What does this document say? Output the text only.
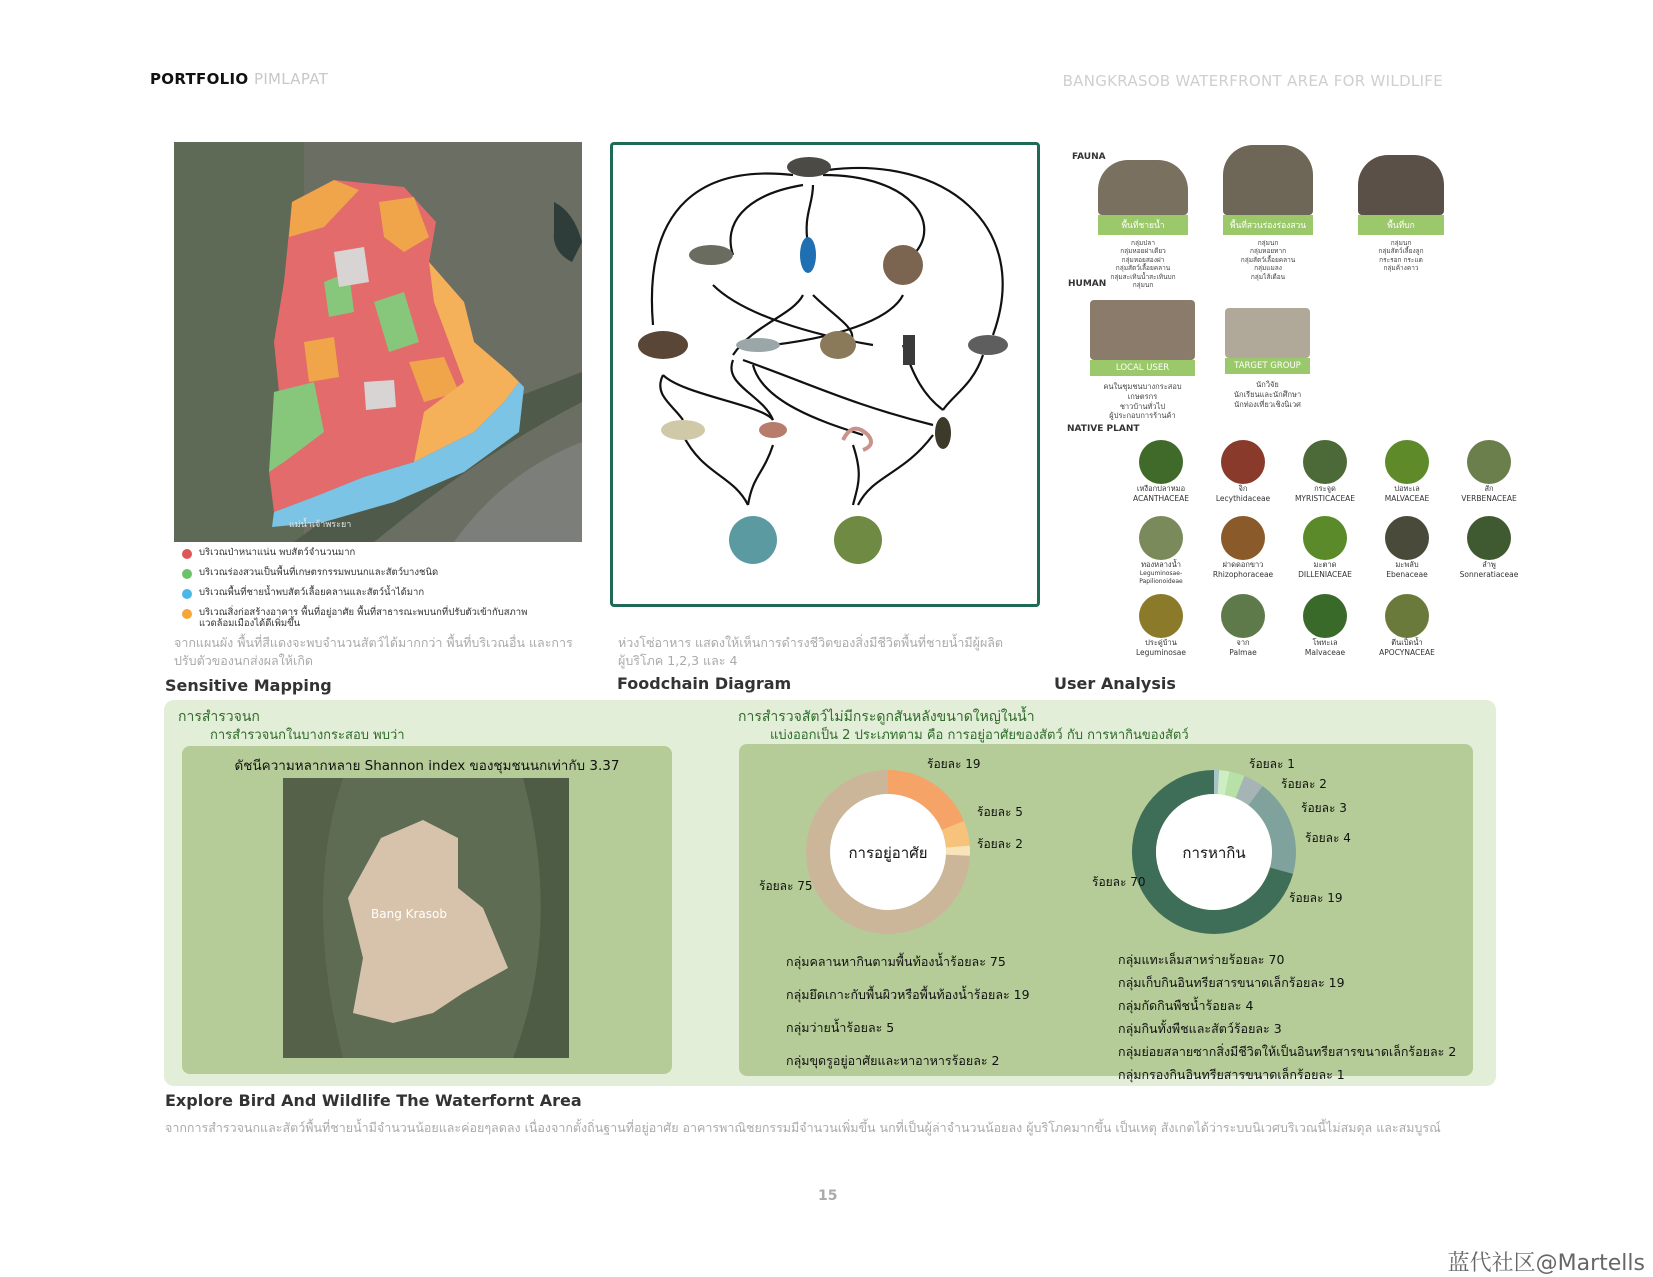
PORTFOLIO PIMLAPAT	BANGKRASOB WATERFRONT AREA FOR WILDLIFE
แม่น้ำเจ้าพระยา
บริเวณป่าหนาแน่น พบสัตว์จำนวนมาก
บริเวณร่องสวนเป็นพื้นที่เกษตรกรรมพบนกและสัตว์บางชนิด
บริเวณพื้นที่ชายน้ำพบสัตว์เลื้อยคลานและสัตว์น้ำได้มาก
บริเวณสิ่งก่อสร้างอาคาร พื้นที่อยู่อาศัย พื้นที่สาธารณะพบนกที่ปรับตัวเข้ากับสภาพแวดล้อมเมืองได้ดีเพิ่มขึ้น
จากแผนผัง พื้นที่สีแดงจะพบจำนวนสัตว์ได้มากกว่า พื้นที่บริเวณอื่น และการ
ปรับตัวของนกส่งผลให้เกิด
Sensitive Mapping
ห่วงโซ่อาหาร แสดงให้เห็นการดำรงชีวิตของสิ่งมีชีวิตพื้นที่ชายน้ำมีผู้ผลิต
ผู้บริโภค 1,2,3 และ 4
Foodchain Diagram
FAUNA
พื้นที่ชายน้ำ
กลุ่มปลา
กลุ่มหอยฝาเดียว
กลุ่มหอยสองฝา
กลุ่มสัตว์เลื้อยคลาน
กลุ่มสะเทินน้ำสะเทินบก
กลุ่มนก
พื้นที่สวนร่องร่องสวน
กลุ่มนก
กลุ่มหอยทาก
กลุ่มสัตว์เลื้อยคลาน
กลุ่มแมลง
กลุ่มไส้เดือน
พื้นที่บก
กลุ่มนก
กลุ่มสัตว์เลี้ยงลูก
กระรอก กระแต
กลุ่มค้างคาว
HUMAN
LOCAL USER
คนในชุมชนบางกระสอบ
เกษตรกร
ชาวบ้านทั่วไป
ผู้ประกอบการร้านค้า
TARGET GROUP
นักวิจัย
นักเรียนและนักศึกษา
นักท่องเที่ยวเชิงนิเวศ
NATIVE PLANT
เหงือกปลาหมอ
ACANTHACEAE
จิก
Lecythidaceae
กระจูด
MYRISTICACEAE
ปอทะเล
MALVACEAE
สัก
VERBENACEAE
ทองหลางน้ำ
Leguminosae-Papilionoideae
ฝาดดอกขาว
Rhizophoraceae
มะตาด
DILLENIACEAE
มะพลับ
Ebenaceae
ลำพู
Sonneratiaceae
ประดู่บ้าน
Leguminosae
จาก
Palmae
โพทะเล
Malvaceae
ตีนเป็ดน้ำ
APOCYNACEAE
User Analysis
การสำรวจนก
การสำรวจนกในบางกระสอบ พบว่า
ดัชนีความหลากหลาย Shannon index ของชุมชนนกเท่ากับ 3.37
Bang Krasob
การสำรวจสัตว์ไม่มีกระดูกสันหลังขนาดใหญ่ในน้ำ
แบ่งออกเป็น 2 ประเภทตาม คือ การอยู่อาศัยของสัตว์ กับ การหากินของสัตว์
ร้อยละ 19
ร้อยละ 5
ร้อยละ 2
ร้อยละ 75
การอยู่อาศัย
ร้อยละ 1
ร้อยละ 2
ร้อยละ 3
ร้อยละ 4
ร้อยละ 19
ร้อยละ 70
การหากิน
กลุ่มคลานหากินตามพื้นท้องน้ำร้อยละ 75
กลุ่มยึดเกาะกับพื้นผิวหรือพื้นท้องน้ำร้อยละ 19
กลุ่มว่ายน้ำร้อยละ 5
กลุ่มขุดรูอยู่อาศัยและหาอาหารร้อยละ 2
กลุ่มแทะเล็มสาหร่ายร้อยละ 70
กลุ่มเก็บกินอินทรียสารขนาดเล็กร้อยละ 19
กลุ่มกัดกินพืชน้ำร้อยละ 4
กลุ่มกินทั้งพืชและสัตว์ร้อยละ 3
กลุ่มย่อยสลายซากสิ่งมีชีวิตให้เป็นอินทรียสารขนาดเล็กร้อยละ 2
กลุ่มกรองกินอินทรียสารขนาดเล็กร้อยละ 1
Explore Bird And Wildlife The Waterfornt Area
จากการสำรวจนกและสัตว์พื้นที่ชายน้ำมีจำนวนน้อยและค่อยๆลดลง เนื่องจากตั้งถิ่นฐานที่อยู่อาศัย อาคารพาณิชยกรรมมีจำนวนเพิ่มขึ้น นกที่เป็นผู้ล่าจำนวนน้อยลง ผู้บริโภคมากขึ้น เป็นเหตุ สังเกตได้ว่าระบบนิเวศบริเวณนี้ไม่สมดุล และสมบูรณ์
15
蓝代社区@Martells
